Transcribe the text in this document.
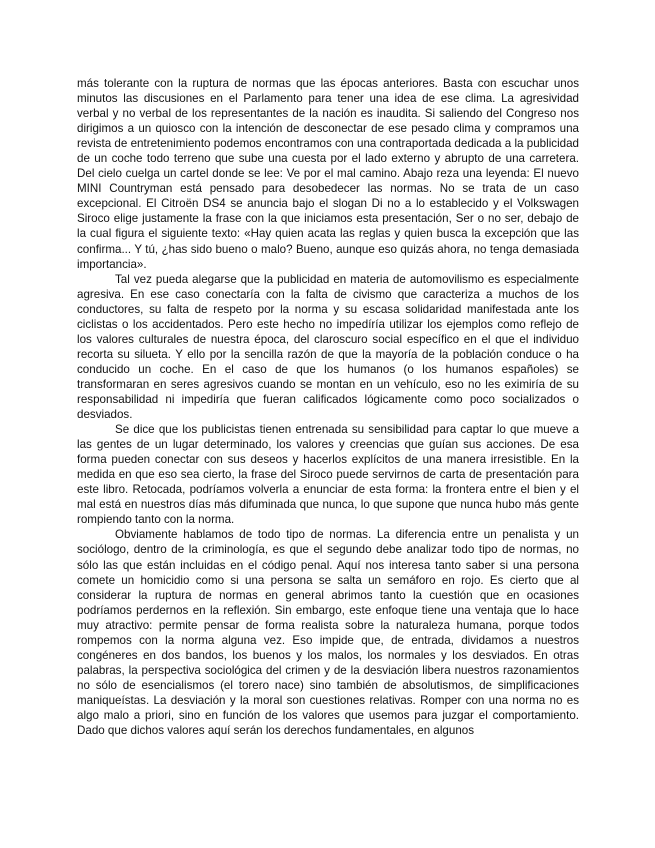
más tolerante con la ruptura de normas que las épocas anteriores. Basta con escuchar unos minutos las discusiones en el Parlamento para tener una idea de ese clima. La agresividad verbal y no verbal de los representantes de la nación es inaudita. Si saliendo del Congreso nos dirigimos a un quiosco con la intención de desconectar de ese pesado clima y compramos una revista de entretenimiento podemos encontramos con una contraportada dedicada a la publicidad de un coche todo terreno que sube una cuesta por el lado externo y abrupto de una carretera. Del cielo cuelga un cartel donde se lee: Ve por el mal camino. Abajo reza una leyenda: El nuevo MINI Countryman está pensado para desobedecer las normas. No se trata de un caso excepcional. El Citroën DS4 se anuncia bajo el slogan Di no a lo establecido y el Volkswagen Siroco elige justamente la frase con la que iniciamos esta presentación, Ser o no ser, debajo de la cual figura el siguiente texto: «Hay quien acata las reglas y quien busca la excepción que las confirma... Y tú, ¿has sido bueno o malo? Bueno, aunque eso quizás ahora, no tenga demasiada importancia».

Tal vez pueda alegarse que la publicidad en materia de automovilismo es especialmente agresiva. En ese caso conectaría con la falta de civismo que caracteriza a muchos de los conductores, su falta de respeto por la norma y su escasa solidaridad manifestada ante los ciclistas o los accidentados. Pero este hecho no impedíría utilizar los ejemplos como reflejo de los valores culturales de nuestra época, del claroscuro social específico en el que el individuo recorta su silueta. Y ello por la sencilla razón de que la mayoría de la población conduce o ha conducido un coche. En el caso de que los humanos (o los humanos españoles) se transformaran en seres agresivos cuando se montan en un vehículo, eso no les eximiría de su responsabilidad ni impediría que fueran calificados lógicamente como poco socializados o desviados.

Se dice que los publicistas tienen entrenada su sensibilidad para captar lo que mueve a las gentes de un lugar determinado, los valores y creencias que guían sus acciones. De esa forma pueden conectar con sus deseos y hacerlos explícitos de una manera irresistible. En la medida en que eso sea cierto, la frase del Siroco puede servirnos de carta de presentación para este libro. Retocada, podríamos volverla a enunciar de esta forma: la frontera entre el bien y el mal está en nuestros días más difuminada que nunca, lo que supone que nunca hubo más gente rompiendo tanto con la norma.

Obviamente hablamos de todo tipo de normas. La diferencia entre un penalista y un sociólogo, dentro de la criminología, es que el segundo debe analizar todo tipo de normas, no sólo las que están incluidas en el código penal. Aquí nos interesa tanto saber si una persona comete un homicidio como si una persona se salta un semáforo en rojo. Es cierto que al considerar la ruptura de normas en general abrimos tanto la cuestión que en ocasiones podríamos perdernos en la reflexión. Sin embargo, este enfoque tiene una ventaja que lo hace muy atractivo: permite pensar de forma realista sobre la naturaleza humana, porque todos rompemos con la norma alguna vez. Eso impide que, de entrada, dividamos a nuestros congéneres en dos bandos, los buenos y los malos, los normales y los desviados. En otras palabras, la perspectiva sociológica del crimen y de la desviación libera nuestros razonamientos no sólo de esencialismos (el torero nace) sino también de absolutismos, de simplificaciones maniqueístas. La desviación y la moral son cuestiones relativas. Romper con una norma no es algo malo a priori, sino en función de los valores que usemos para juzgar el comportamiento. Dado que dichos valores aquí serán los derechos fundamentales, en algunos
